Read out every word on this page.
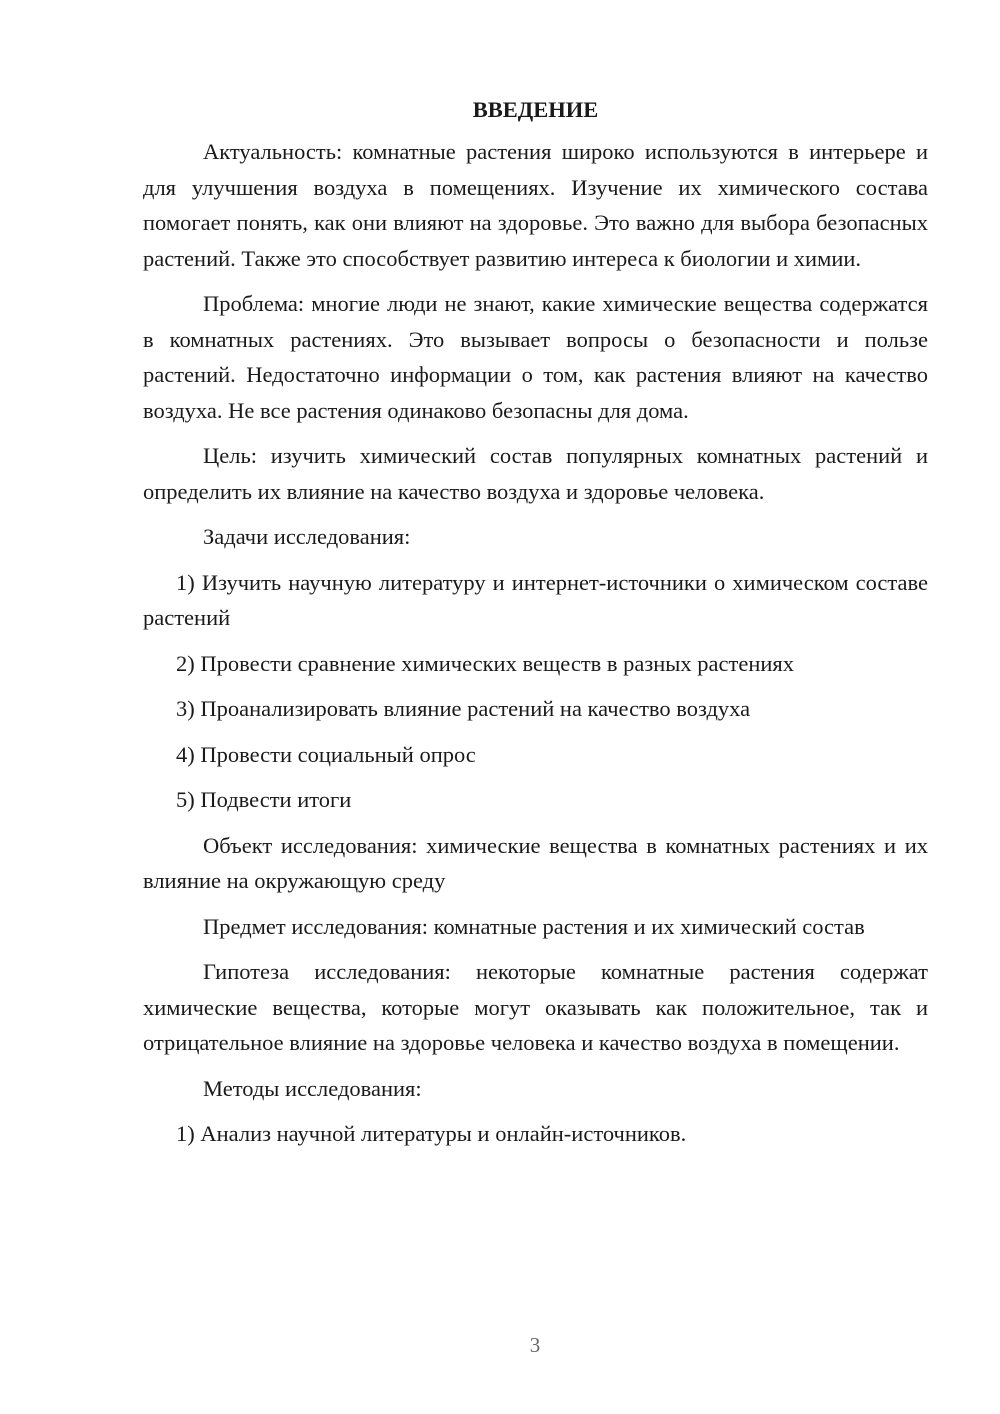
ВВЕДЕНИЕ

Актуальность: комнатные растения широко используются в интерьере и для улучшения воздуха в помещениях. Изучение их химического состава помогает понять, как они влияют на здоровье. Это важно для выбора безопасных растений. Также это способствует развитию интереса к биологии и химии.

Проблема: многие люди не знают, какие химические вещества содержатся в комнатных растениях. Это вызывает вопросы о безопасности и пользе растений. Недостаточно информации о том, как растения влияют на качество воздуха. Не все растения одинаково безопасны для дома.

Цель: изучить химический состав популярных комнатных растений и определить их влияние на качество воздуха и здоровье человека.

Задачи исследования:

1) Изучить научную литературу и интернет-источники о химическом составе растений

2) Провести сравнение химических веществ в разных растениях

3) Проанализировать влияние растений на качество воздуха

4) Провести социальный опрос

5) Подвести итоги

Объект исследования: химические вещества в комнатных растениях и их влияние на окружающую среду

Предмет исследования: комнатные растения и их химический состав

Гипотеза исследования: некоторые комнатные растения содержат химические вещества, которые могут оказывать как положительное, так и отрицательное влияние на здоровье человека и качество воздуха в помещении.

Методы исследования:

1) Анализ научной литературы и онлайн-источников.

3
